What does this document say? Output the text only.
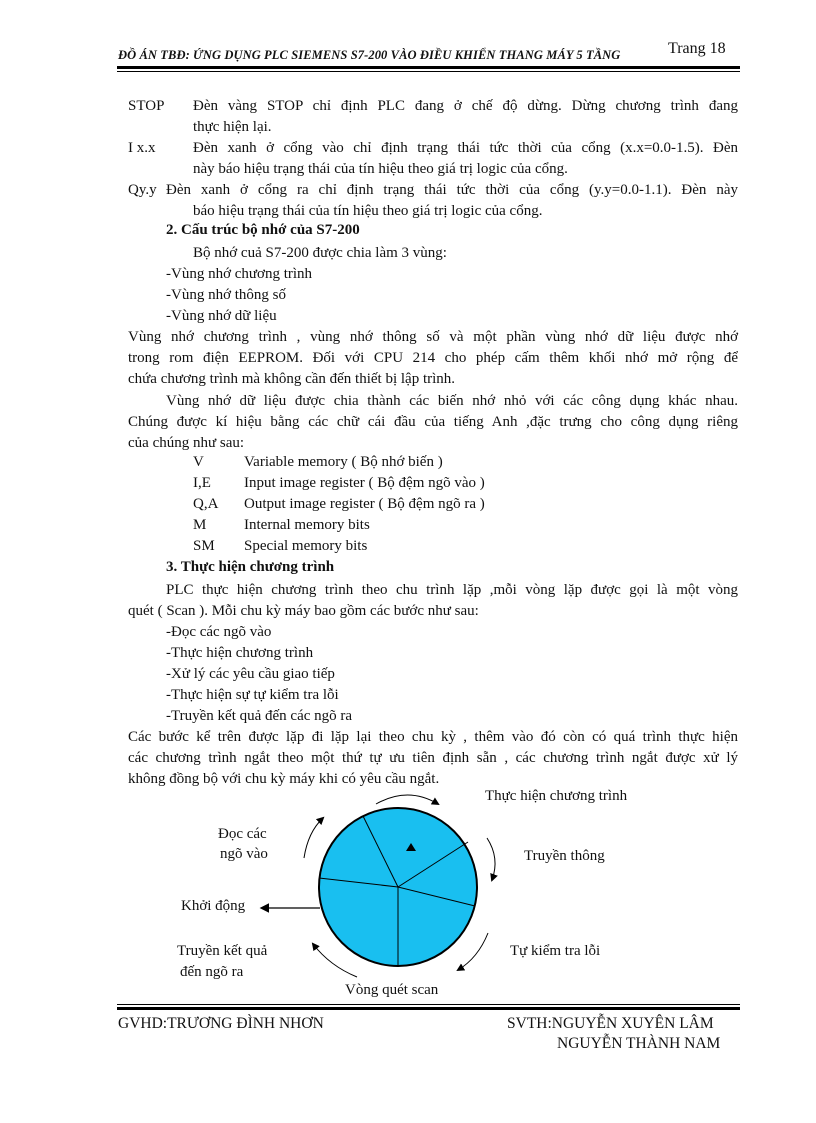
ĐỒ ÁN TBĐ: ỨNG DỤNG PLC SIEMENS S7-200 VÀO ĐIỀU KHIỂN THANG MÁY 5 TẦNG	Trang 18
STOP Đèn vàng STOP chỉ định PLC đang ở chế độ dừng. Dừng chương trình đang
thực hiện lại.
I x.x	Đèn xanh ở cổng vào chỉ định trạng thái tức thời của cổng (x.x=0.0-1.5). Đèn
này báo hiệu trạng thái của tín hiệu theo giá trị logic của cổng.
Qy.y Đèn xanh ở cổng ra chỉ định trạng thái tức thời của cổng (y.y=0.0-1.1). Đèn này
báo hiệu trạng thái của tín hiệu theo giá trị logic của cổng.
2. Cấu trúc bộ nhớ của S7-200
Bộ nhớ cuả S7-200 được chia làm 3 vùng:
-Vùng nhớ chương trình
-Vùng nhớ thông số
-Vùng nhớ dữ liệu
Vùng nhớ chương trình , vùng nhớ thông số và một phần vùng nhớ dữ liệu được nhớ
trong rom điện EEPROM. Đối với CPU 214 cho phép cấm thêm khối nhớ mở rộng để
chứa chương trình mà không cần đến thiết bị lập trình.
Vùng nhớ dữ liệu được chia thành các biến nhớ nhỏ với các công dụng khác nhau.
Chúng được kí hiệu bằng các chữ cái đầu của tiếng Anh ,đặc trưng cho công dụng riêng
của chúng như sau:
V	Variable memory ( Bộ nhớ biến )
I,E Input image register ( Bộ đệm ngõ vào )
Q,A Output image register ( Bộ đệm ngõ ra )
M	Internal memory bits
SM Special memory bits
3. Thực hiện chương trình
PLC thực hiện chương trình theo chu trình lặp ,mỗi vòng lặp được gọi là một vòng
quét ( Scan ). Mỗi chu kỳ máy bao gồm các bước như sau:
-Đọc các ngõ vào
-Thực hiện chương trình
-Xử lý các yêu cầu giao tiếp
-Thực hiện sự tự kiểm tra lỗi
-Truyền kết quả đến các ngõ ra
Các bước kể trên được lặp đi lặp lại theo chu kỳ , thêm vào đó còn có quá trình thực hiện
các chương trình ngắt theo một thứ tự ưu tiên định sẵn , các chương trình ngắt được xử lý
không đồng bộ với chu kỳ máy khi có yêu cầu ngắt.
Thực hiện chương trình
Đọc các
ngõ vào	Truyền thông
Khởi động
Truyền kết quả
đến ngõ ra
Tự kiểm tra lỗi
Vòng quét scan
GVHD:TRƯƠNG ĐÌNH NHƠN	SVTH:NGUYỄN XUYÊN LÂM
NGUYỄN THÀNH NAM
